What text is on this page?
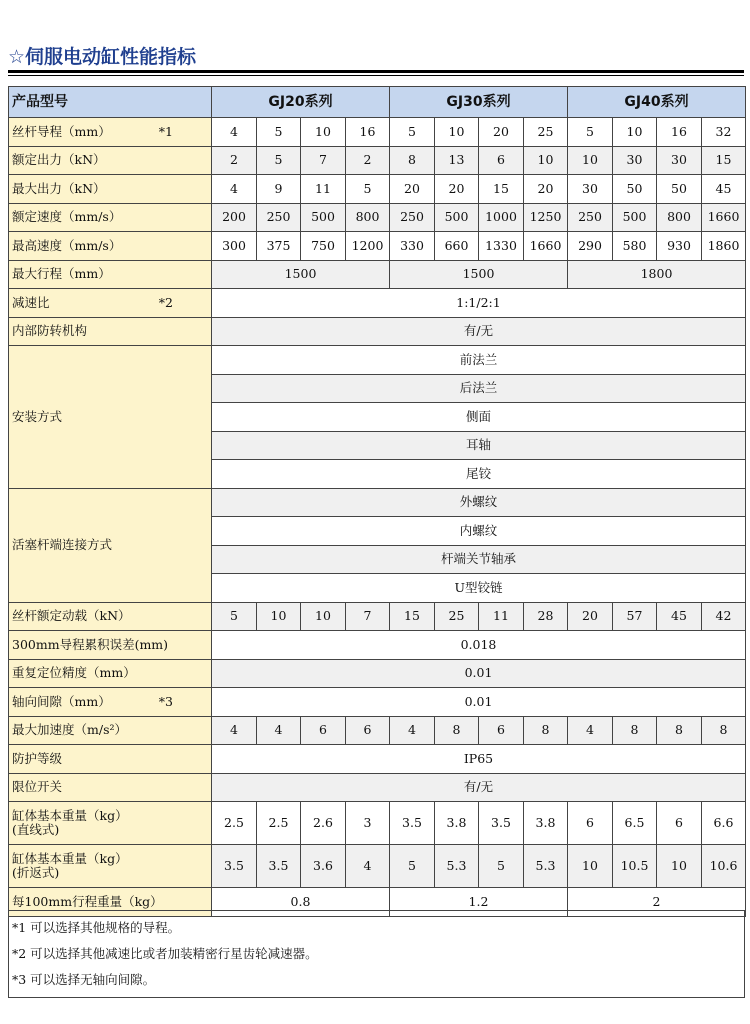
☆伺服电动缸性能指标
产品型号	GJ20系列				GJ30系列				GJ40系列			

丝杆导程（mm） *1	4	5	10	16	5	10	20	25	5	10	16	32
额定出力（kN）	2	5	7	2	8	13	6	10	10	30	30	15
最大出力（kN）	4	9	11	5	20	20	15	20	30	50	50	45
额定速度（mm/s）	200	250	500	800	250	500	1000	1250	250	500	800	1660
最高速度（mm/s）	300	375	750	1200	330	660	1330	1660	290	580	930	1860
最大行程（mm）	1500				1500				1800			

减速比 *2	1:1/2:1											
内部防转机构	有/无											
安装方式	前法兰											
	后法兰											
	侧面											
	耳轴											
	尾铰											
活塞杆端连接方式	外螺纹											
	内螺纹											
	杆端关节轴承											
	U型铰链											
丝杆额定动载（kN）	5	10	10	7	15	25	11	28	20	57	45	42
300mm导程累积误差(mm)	0.018											
重复定位精度（mm）	0.01											

轴向间隙（mm） *3	0.01											
最大加速度（m/s²）	4	4	6	6	4	8	6	8	4	8	8	8
防护等级	IP65											
限位开关	有/无											

缸体基本重量（kg）
(直线式)	2.5	2.5	2.6	3	3.5	3.8	3.5	3.8	6	6.5	6	6.6

缸体基本重量（kg）
(折返式)	3.5	3.5	3.6	4	5	5.3	5	5.3	10	10.5	10	10.6
每100mm行程重量（kg）	0.8				1.2				2			
*1 可以选择其他规格的导程。
*2 可以选择其他减速比或者加装精密行星齿轮减速器。
*3 可以选择无轴向间隙。
